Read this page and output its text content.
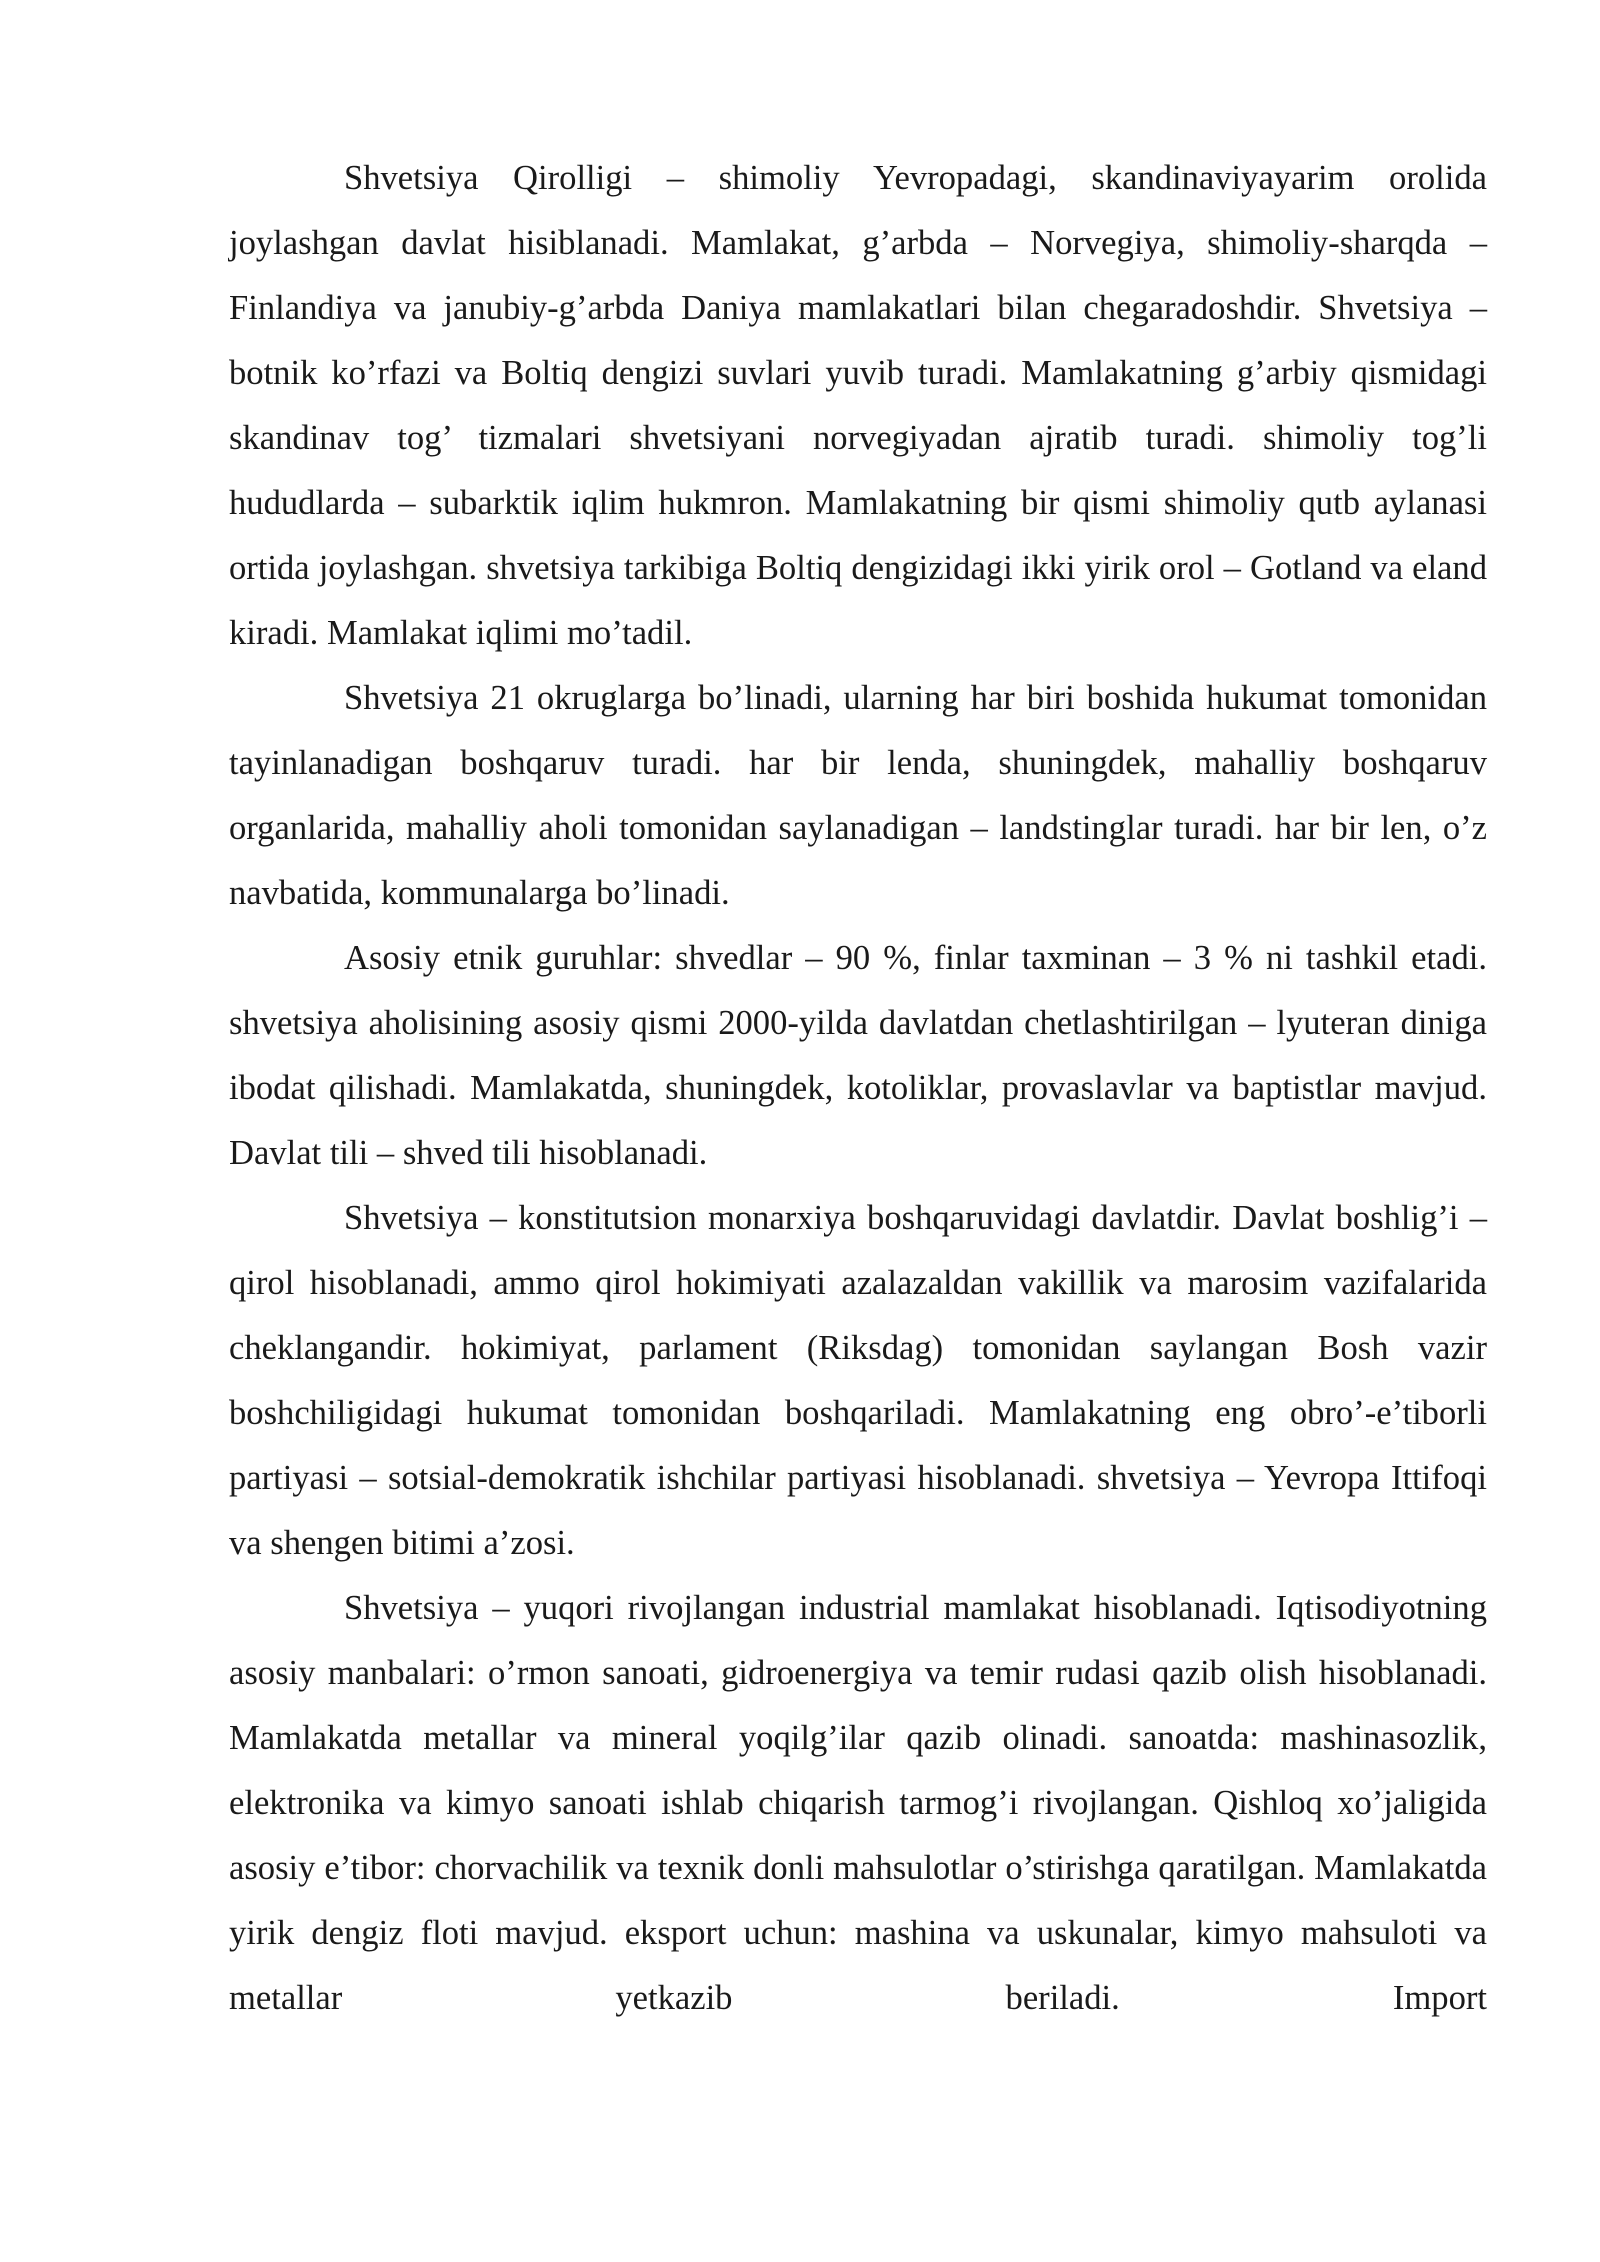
Shvetsiya Qirolligi – shimoliy Yevropadagi, skandinaviyayarim orolida joylashgan davlat hisiblanadi. Mamlakat, g’arbda – Norvegiya, shimoliy-sharqda – Finlandiya va janubiy-g’arbda Daniya mamlakatlari bilan chegaradoshdir. Shvetsiya – botnik ko’rfazi va Boltiq dengizi suvlari yuvib turadi. Mamlakatning g’arbiy qismidagi skandinav tog’ tizmalari shvetsiyani norvegiyadan ajratib turadi. shimoliy tog’li hududlarda – subarktik iqlim hukmron. Mamlakatning bir qismi shimoliy qutb aylanasi ortida joylashgan. shvetsiya tarkibiga Boltiq dengizidagi ikki yirik orol – Gotland va eland kiradi. Mamlakat iqlimi mo’tadil.

Shvetsiya 21 okruglarga bo’linadi, ularning har biri boshida hukumat tomonidan tayinlanadigan boshqaruv turadi. har bir lenda, shuningdek, mahalliy boshqaruv organlarida, mahalliy aholi tomonidan saylanadigan – landstinglar turadi. har bir len, o’z navbatida, kommunalarga bo’linadi.

Asosiy etnik guruhlar: shvedlar – 90 %, finlar taxminan – 3 % ni tashkil etadi. shvetsiya aholisining asosiy qismi 2000-yilda davlatdan chetlashtirilgan – lyuteran diniga ibodat qilishadi. Mamlakatda, shuningdek, kotoliklar, provaslavlar va baptistlar mavjud. Davlat tili – shved tili hisoblanadi.

Shvetsiya – konstitutsion monarxiya boshqaruvidagi davlatdir. Davlat boshlig’i – qirol hisoblanadi, ammo qirol hokimiyati azalazaldan vakillik va marosim vazifalarida cheklangandir. hokimiyat, parlament (Riksdag) tomonidan saylangan Bosh vazir boshchiligidagi hukumat tomonidan boshqariladi. Mamlakatning eng obro’-e’tiborli partiyasi – sotsial-demokratik ishchilar partiyasi hisoblanadi. shvetsiya – Yevropa Ittifoqi va shengen bitimi a’zosi.

Shvetsiya – yuqori rivojlangan industrial mamlakat hisoblanadi. Iqtisodiyotning asosiy manbalari: o’rmon sanoati, gidroenergiya va temir rudasi qazib olish hisoblanadi. Mamlakatda metallar va mineral yoqilg’ilar qazib olinadi. sanoatda: mashinasozlik, elektronika va kimyo sanoati ishlab chiqarish tarmog’i rivojlangan. Qishloq xo’jaligida asosiy e’tibor: chorvachilik va texnik donli mahsulotlar o’stirishga qaratilgan. Mamlakatda yirik dengiz floti mavjud. eksport uchun: mashina va uskunalar, kimyo mahsuloti va metallar yetkazib beriladi. Import
